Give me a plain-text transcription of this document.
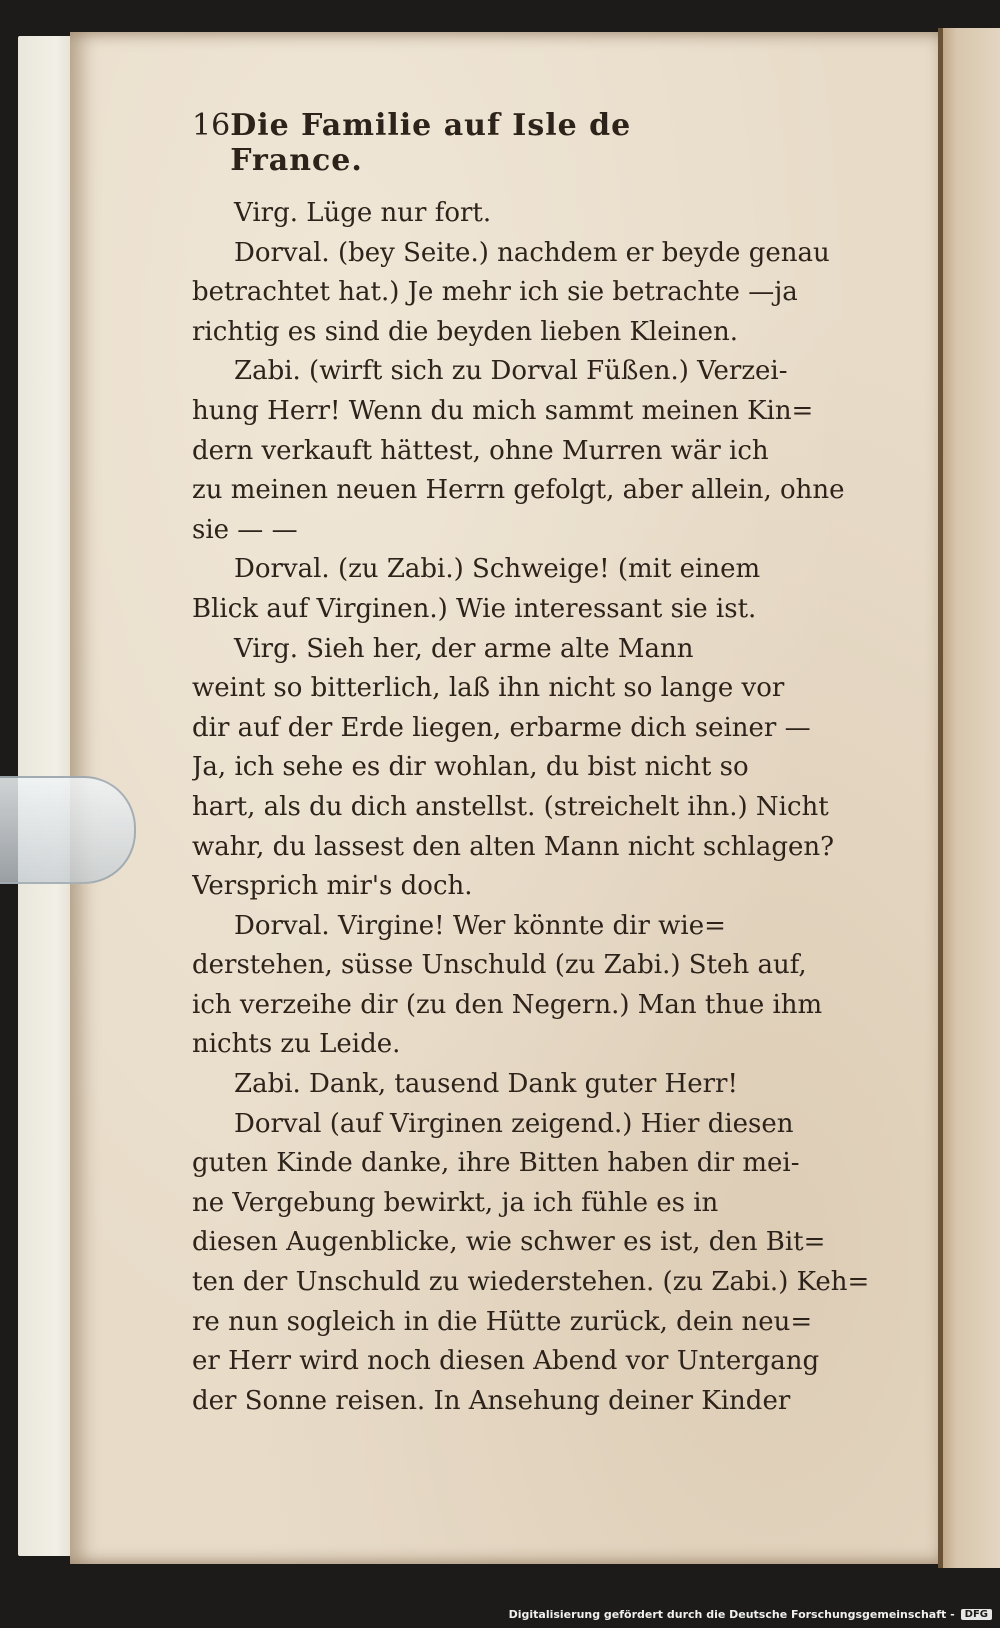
16 Die Familie auf Isle de France.
Virg. Lüge nur fort.
Dorval. (bey Seite.) nachdem er beyde genau
betrachtet hat.) Je mehr ich sie betrachte —ja
richtig es sind die beyden lieben Kleinen.
Zabi. (wirft sich zu Dorval Füßen.) Verzei-
hung Herr! Wenn du mich sammt meinen Kin=
dern verkauft hättest, ohne Murren wär ich
zu meinen neuen Herrn gefolgt, aber allein, ohne
sie — —
Dorval. (zu Zabi.) Schweige! (mit einem
Blick auf Virginen.) Wie interessant sie ist.
Virg. Sieh her, der arme alte Mann
weint so bitterlich, laß ihn nicht so lange vor
dir auf der Erde liegen, erbarme dich seiner —
Ja, ich sehe es dir wohlan, du bist nicht so
hart, als du dich anstellst. (streichelt ihn.) Nicht
wahr, du lassest den alten Mann nicht schlagen?
Versprich mir's doch.
Dorval. Virgine! Wer könnte dir wie=
derstehen, süsse Unschuld (zu Zabi.) Steh auf,
ich verzeihe dir (zu den Negern.) Man thue ihm
nichts zu Leide.
Zabi. Dank, tausend Dank guter Herr!
Dorval (auf Virginen zeigend.) Hier diesen
guten Kinde danke, ihre Bitten haben dir mei-
ne Vergebung bewirkt, ja ich fühle es in
diesen Augenblicke, wie schwer es ist, den Bit=
ten der Unschuld zu wiederstehen. (zu Zabi.) Keh=
re nun sogleich in die Hütte zurück, dein neu=
er Herr wird noch diesen Abend vor Untergang
der Sonne reisen. In Ansehung deiner Kinder
Digitalisierung gefördert durch die Deutsche Forschungsgemeinschaft -	DFG
